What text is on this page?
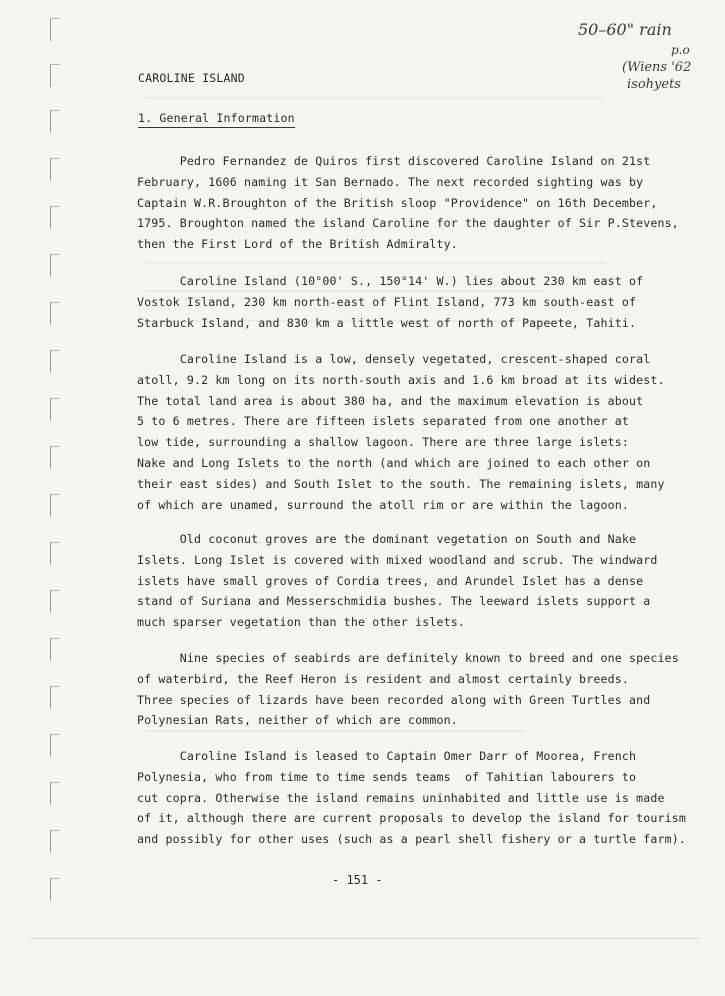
50–60" rain
p.o
(Wiens '62
isohyets
CAROLINE ISLAND
1. General Information

Pedro Fernandez de Quiros first discovered Caroline Island on 21st
February, 1606 naming it San Bernado. The next recorded sighting was by
Captain W.R.Broughton of the British sloop "Providence" on 16th December,
1795. Broughton named the island Caroline for the daughter of Sir P.Stevens,
then the First Lord of the British Admiralty.

Caroline Island (10°00' S., 150°14' W.) lies about 230 km east of
Vostok Island, 230 km north-east of Flint Island, 773 km south-east of
Starbuck Island, and 830 km a little west of north of Papeete, Tahiti.

Caroline Island is a low, densely vegetated, crescent-shaped coral
atoll, 9.2 km long on its north-south axis and 1.6 km broad at its widest.
The total land area is about 380 ha, and the maximum elevation is about
5 to 6 metres. There are fifteen islets separated from one another at
low tide, surrounding a shallow lagoon. There are three large islets:
Nake and Long Islets to the north (and which are joined to each other on
their east sides) and South Islet to the south. The remaining islets, many
of which are unamed, surround the atoll rim or are within the lagoon.

Old coconut groves are the dominant vegetation on South and Nake
Islets. Long Islet is covered with mixed woodland and scrub. The windward
islets have small groves of Cordia trees, and Arundel Islet has a dense
stand of Suriana and Messerschmidia bushes. The leeward islets support a
much sparser vegetation than the other islets.

Nine species of seabirds are definitely known to breed and one species
of waterbird, the Reef Heron is resident and almost certainly breeds.
Three species of lizards have been recorded along with Green Turtles and
Polynesian Rats, neither of which are common.

Caroline Island is leased to Captain Omer Darr of Moorea, French
Polynesia, who from time to time sends teams  of Tahitian labourers to
cut copra. Otherwise the island remains uninhabited and little use is made
of it, although there are current proposals to develop the island for tourism
and possibly for other uses (such as a pearl shell fishery or a turtle farm).

- 151 -
